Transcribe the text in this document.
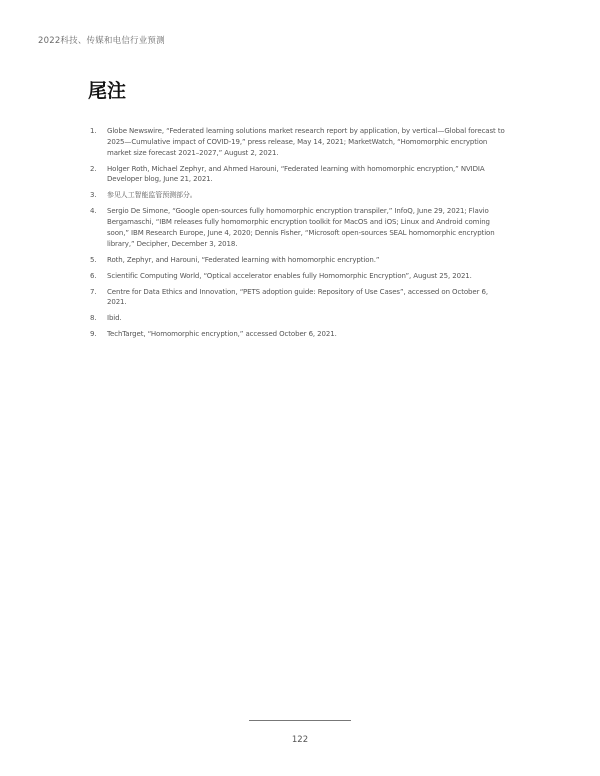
2022科技、传媒和电信行业预测
尾注
1.	Globe Newswire, “Federated learning solutions market research report by application, by vertical—Global forecast to 2025—Cumulative impact of COVID-19,” press release, May 14, 2021; MarketWatch, “Homomorphic encryption market size forecast 2021–2027,” August 2, 2021.
2.	Holger Roth, Michael Zephyr, and Ahmed Harouni, “Federated learning with homomorphic encryption,” NVIDIA Developer blog, June 21, 2021.
3.	参见人工智能监管预测部分。
4.	Sergio De Simone, “Google open-sources fully homomorphic encryption transpiler,” InfoQ, June 29, 2021; Flavio Bergamaschi, “IBM releases fully homomorphic encryption toolkit for MacOS and iOS; Linux and Android coming soon,” IBM Research Europe, June 4, 2020; Dennis Fisher, “Microsoft open-sources SEAL homomorphic encryption library,” Decipher, December 3, 2018.
5.	Roth, Zephyr, and Harouni, “Federated learning with homomorphic encryption.”
6.	Scientific Computing World, “Optical accelerator enables fully Homomorphic Encryption”, August 25, 2021.
7.	Centre for Data Ethics and Innovation, “PETS adoption guide: Repository of Use Cases”, accessed on October 6, 2021.
8.	Ibid.
9.	TechTarget, “Homomorphic encryption,” accessed October 6, 2021.
122
